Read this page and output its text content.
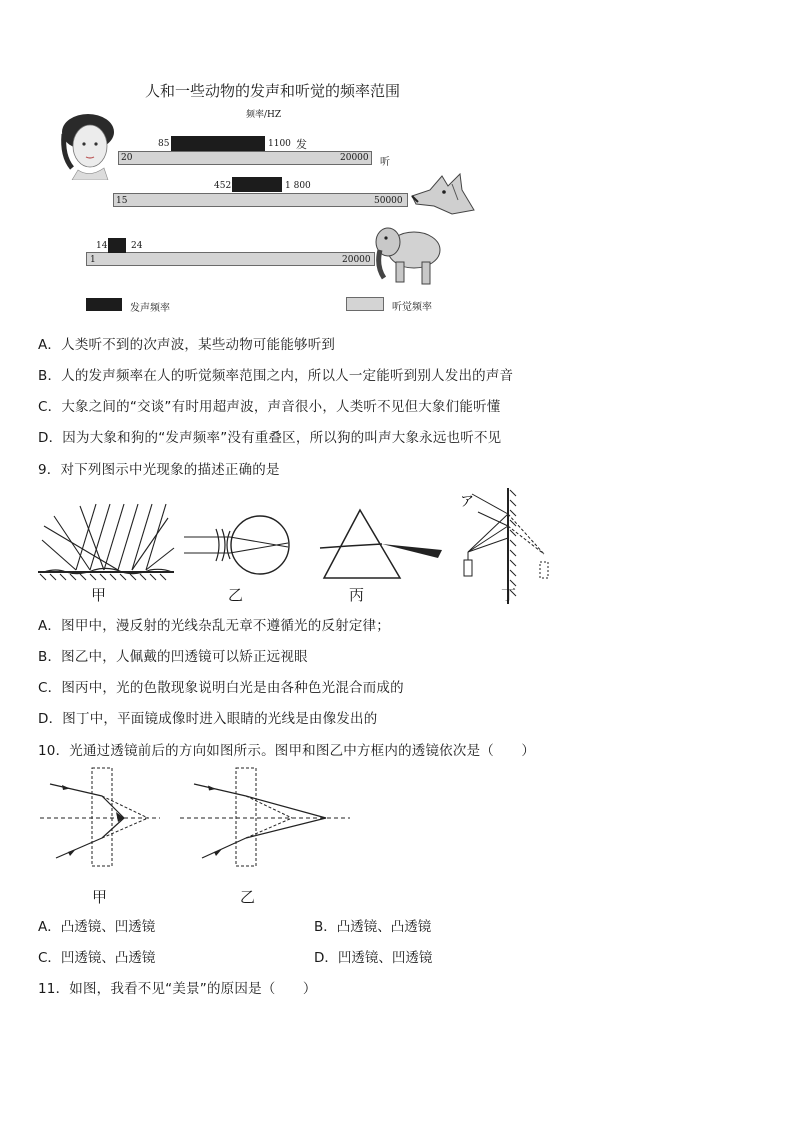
人和一些动物的发声和听觉的频率范围
频率/HZ
85	1100 发
20	20000 听
452	1 800
15	50000
14	24
1	20000
发声频率	听觉频率
A．人类听不到的次声波，某些动物可能能够听到
B．人的发声频率在人的听觉频率范围之内，所以人一定能听到别人发出的声音
C．大象之间的“交谈”有时用超声波，声音很小，人类听不见但大象们能听懂
D．因为大象和狗的“发声频率”没有重叠区，所以狗的叫声大象永远也听不见
9．对下列图示中光现象的描述正确的是
甲	乙	丙
ア
丁
A．图甲中，漫反射的光线杂乱无章不遵循光的反射定律；
B．图乙中，人佩戴的凹透镜可以矫正远视眼
C．图丙中，光的色散现象说明白光是由各种色光混合而成的
D．图丁中，平面镜成像时进入眼睛的光线是由像发出的
10．光通过透镜前后的方向如图所示。图甲和图乙中方框内的透镜依次是（　　）
甲	乙
A．凸透镜、凹透镜	B．凸透镜、凸透镜
C．凹透镜、凸透镜	D．凹透镜、凹透镜
11．如图，我看不见“美景”的原因是（　　）
